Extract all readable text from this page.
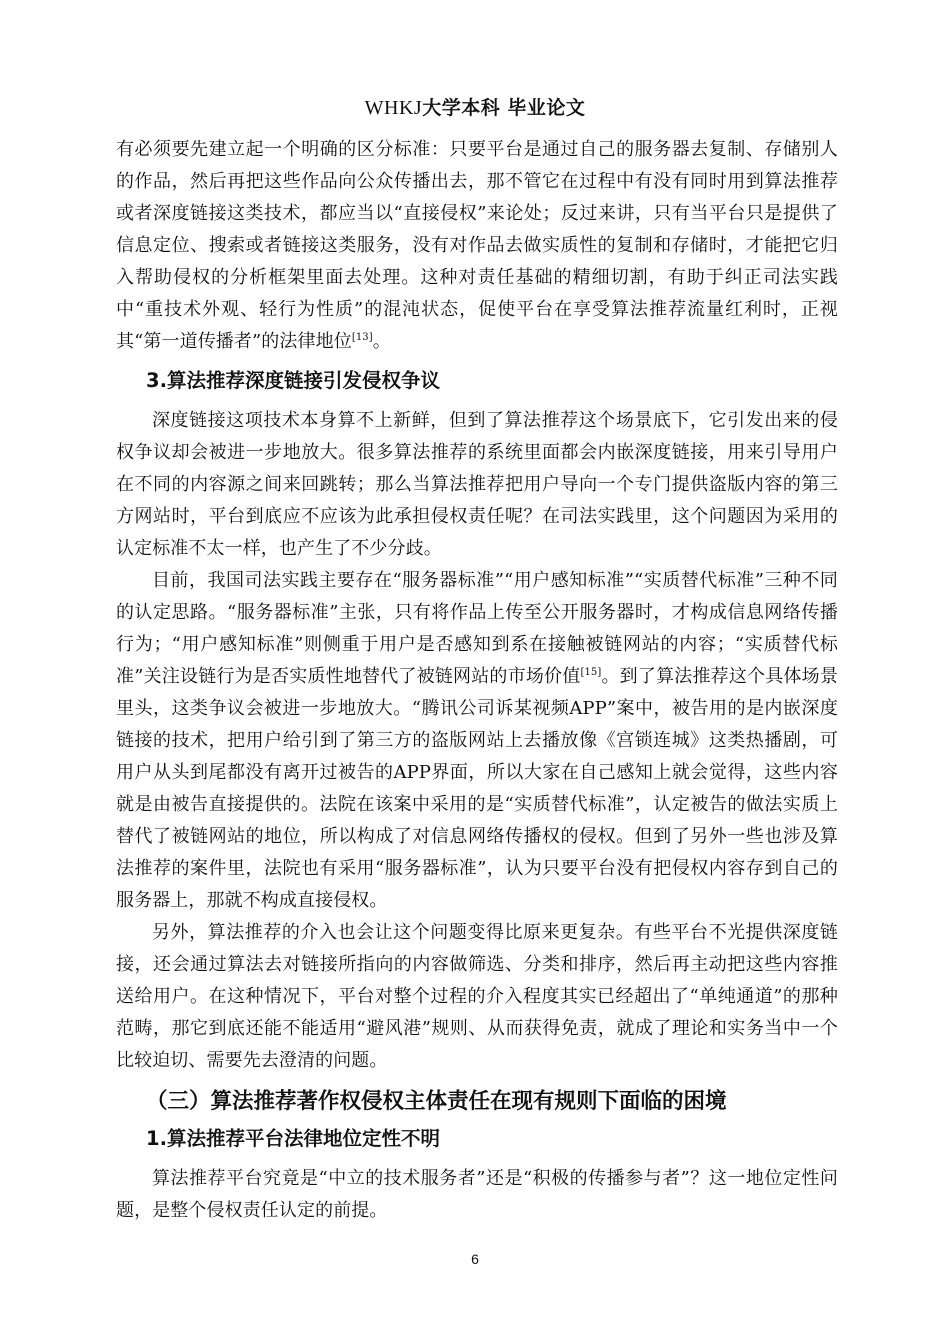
WHKJ大学本科 毕业论文

有必须要先建立起一个明确的区分标准：只要平台是通过自己的服务器去复制、存储别人的作品，然后再把这些作品向公众传播出去，那不管它在过程中有没有同时用到算法推荐或者深度链接这类技术，都应当以“直接侵权”来论处；反过来讲，只有当平台只是提供了信息定位、搜索或者链接这类服务，没有对作品去做实质性的复制和存储时，才能把它归入帮助侵权的分析框架里面去处理。这种对责任基础的精细切割，有助于纠正司法实践中“重技术外观、轻行为性质”的混沌状态，促使平台在享受算法推荐流量红利时，正视其“第一道传播者”的法律地位[13]。

3.算法推荐深度链接引发侵权争议

深度链接这项技术本身算不上新鲜，但到了算法推荐这个场景底下，它引发出来的侵权争议却会被进一步地放大。很多算法推荐的系统里面都会内嵌深度链接，用来引导用户在不同的内容源之间来回跳转；那么当算法推荐把用户导向一个专门提供盗版内容的第三方网站时，平台到底应不应该为此承担侵权责任呢？在司法实践里，这个问题因为采用的认定标准不太一样，也产生了不少分歧。

目前，我国司法实践主要存在“服务器标准”“用户感知标准”“实质替代标准”三种不同的认定思路。“服务器标准”主张，只有将作品上传至公开服务器时，才构成信息网络传播行为；“用户感知标准”则侧重于用户是否感知到系在接触被链网站的内容；“实质替代标准”关注设链行为是否实质性地替代了被链网站的市场价值[15]。到了算法推荐这个具体场景里头，这类争议会被进一步地放大。“腾讯公司诉某视频APP”案中，被告用的是内嵌深度链接的技术，把用户给引到了第三方的盗版网站上去播放像《宫锁连城》这类热播剧，可用户从头到尾都没有离开过被告的APP界面，所以大家在自己感知上就会觉得，这些内容就是由被告直接提供的。法院在该案中采用的是“实质替代标准”，认定被告的做法实质上替代了被链网站的地位，所以构成了对信息网络传播权的侵权。但到了另外一些也涉及算法推荐的案件里，法院也有采用“服务器标准”，认为只要平台没有把侵权内容存到自己的服务器上，那就不构成直接侵权。

另外，算法推荐的介入也会让这个问题变得比原来更复杂。有些平台不光提供深度链接，还会通过算法去对链接所指向的内容做筛选、分类和排序，然后再主动把这些内容推送给用户。在这种情况下，平台对整个过程的介入程度其实已经超出了“单纯通道”的那种范畴，那它到底还能不能适用“避风港”规则、从而获得免责，就成了理论和实务当中一个比较迫切、需要先去澄清的问题。

（三）算法推荐著作权侵权主体责任在现有规则下面临的困境
1.算法推荐平台法律地位定性不明

算法推荐平台究竟是“中立的技术服务者”还是“积极的传播参与者”？这一地位定性问题，是整个侵权责任认定的前提。

6
